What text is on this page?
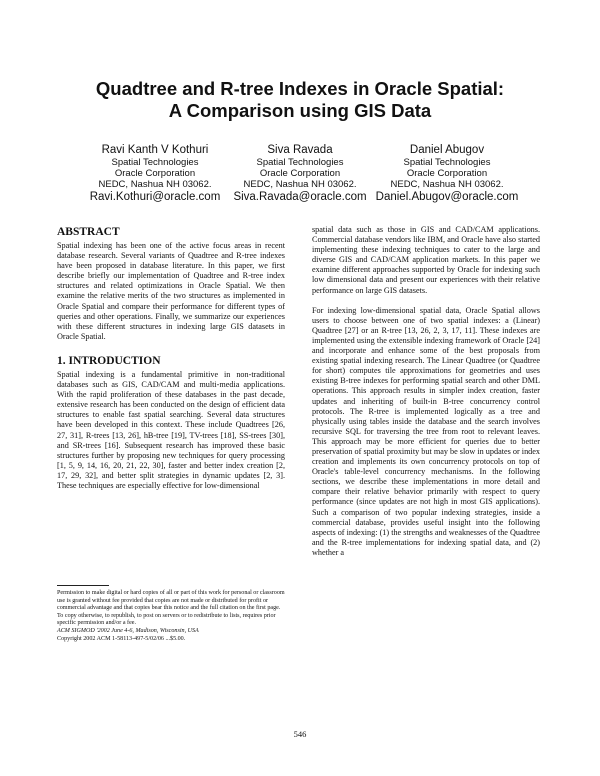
Quadtree and R-tree Indexes in Oracle Spatial:
A Comparison using GIS Data
Ravi Kanth V Kothuri
Spatial Technologies
Oracle Corporation
NEDC, Nashua NH 03062.
Ravi.Kothuri@oracle.com
Siva Ravada
Spatial Technologies
Oracle Corporation
NEDC, Nashua NH 03062.
Siva.Ravada@oracle.com
Daniel Abugov
Spatial Technologies
Oracle Corporation
NEDC, Nashua NH 03062.
Daniel.Abugov@oracle.com
ABSTRACT

Spatial indexing has been one of the active focus areas in recent database research. Several variants of Quadtree and R-tree indexes have been proposed in database literature. In this paper, we first describe briefly our implementation of Quadtree and R-tree index structures and related optimizations in Oracle Spatial. We then examine the relative merits of the two structures as implemented in Oracle Spatial and compare their performance for different types of queries and other operations. Finally, we summarize our experiences with these different structures in indexing large GIS datasets in Oracle Spatial.

1. INTRODUCTION

Spatial indexing is a fundamental primitive in non-traditional databases such as GIS, CAD/CAM and multi-media applications. With the rapid proliferation of these databases in the past decade, extensive research has been conducted on the design of efficient data structures to enable fast spatial searching. Several data structures have been developed in this context. These include Quadtrees [26, 27, 31], R-trees [13, 26], hB-tree [19], TV-trees [18], SS-trees [30], and SR-trees [16]. Subsequent research has improved these basic structures further by proposing new techniques for query processing [1, 5, 9, 14, 16, 20, 21, 22, 30], faster and better index creation [2, 17, 29, 32], and better split strategies in dynamic updates [2, 3]. These techniques are especially effective for low-dimensional

Permission to make digital or hard copies of all or part of this work for personal or classroom use is granted without fee provided that copies are not made or distributed for profit or commercial advantage and that copies bear this notice and the full citation on the first page. To copy otherwise, to republish, to post on servers or to redistribute to lists, requires prior specific permission and/or a fee.

ACM SIGMOD '2002 June 4-6, Madison, Wisconsin, USA

Copyright 2002 ACM 1-58113-497-5/02/06 ...$5.00.

spatial data such as those in GIS and CAD/CAM applications. Commercial database vendors like IBM, and Oracle have also started implementing these indexing techniques to cater to the large and diverse GIS and CAD/CAM application markets. In this paper we examine different approaches supported by Oracle for indexing such low dimensional data and present our experiences with their relative performance on large GIS datasets.

For indexing low-dimensional spatial data, Oracle Spatial allows users to choose between one of two spatial indexes: a (Linear) Quadtree [27] or an R-tree [13, 26, 2, 3, 17, 11]. These indexes are implemented using the extensible indexing framework of Oracle [24] and incorporate and enhance some of the best proposals from existing spatial indexing research. The Linear Quadtree (or Quadtree for short) computes tile approximations for geometries and uses existing B-tree indexes for performing spatial search and other DML operations. This approach results in simpler index creation, faster updates and inheriting of built-in B-tree concurrency control protocols. The R-tree is implemented logically as a tree and physically using tables inside the database and the search involves recursive SQL for traversing the tree from root to relevant leaves. This approach may be more efficient for queries due to better preservation of spatial proximity but may be slow in updates or index creation and implements its own concurrency protocols on top of Oracle's table-level concurrency mechanisms. In the following sections, we describe these implementations in more detail and compare their relative behavior primarily with respect to query performance (since updates are not high in most GIS applications). Such a comparison of two popular indexing strategies, inside a commercial database, provides useful insight into the following aspects of indexing: (1) the strengths and weaknesses of the Quadtree and the R-tree implementations for indexing spatial data, and (2) whether a

546
